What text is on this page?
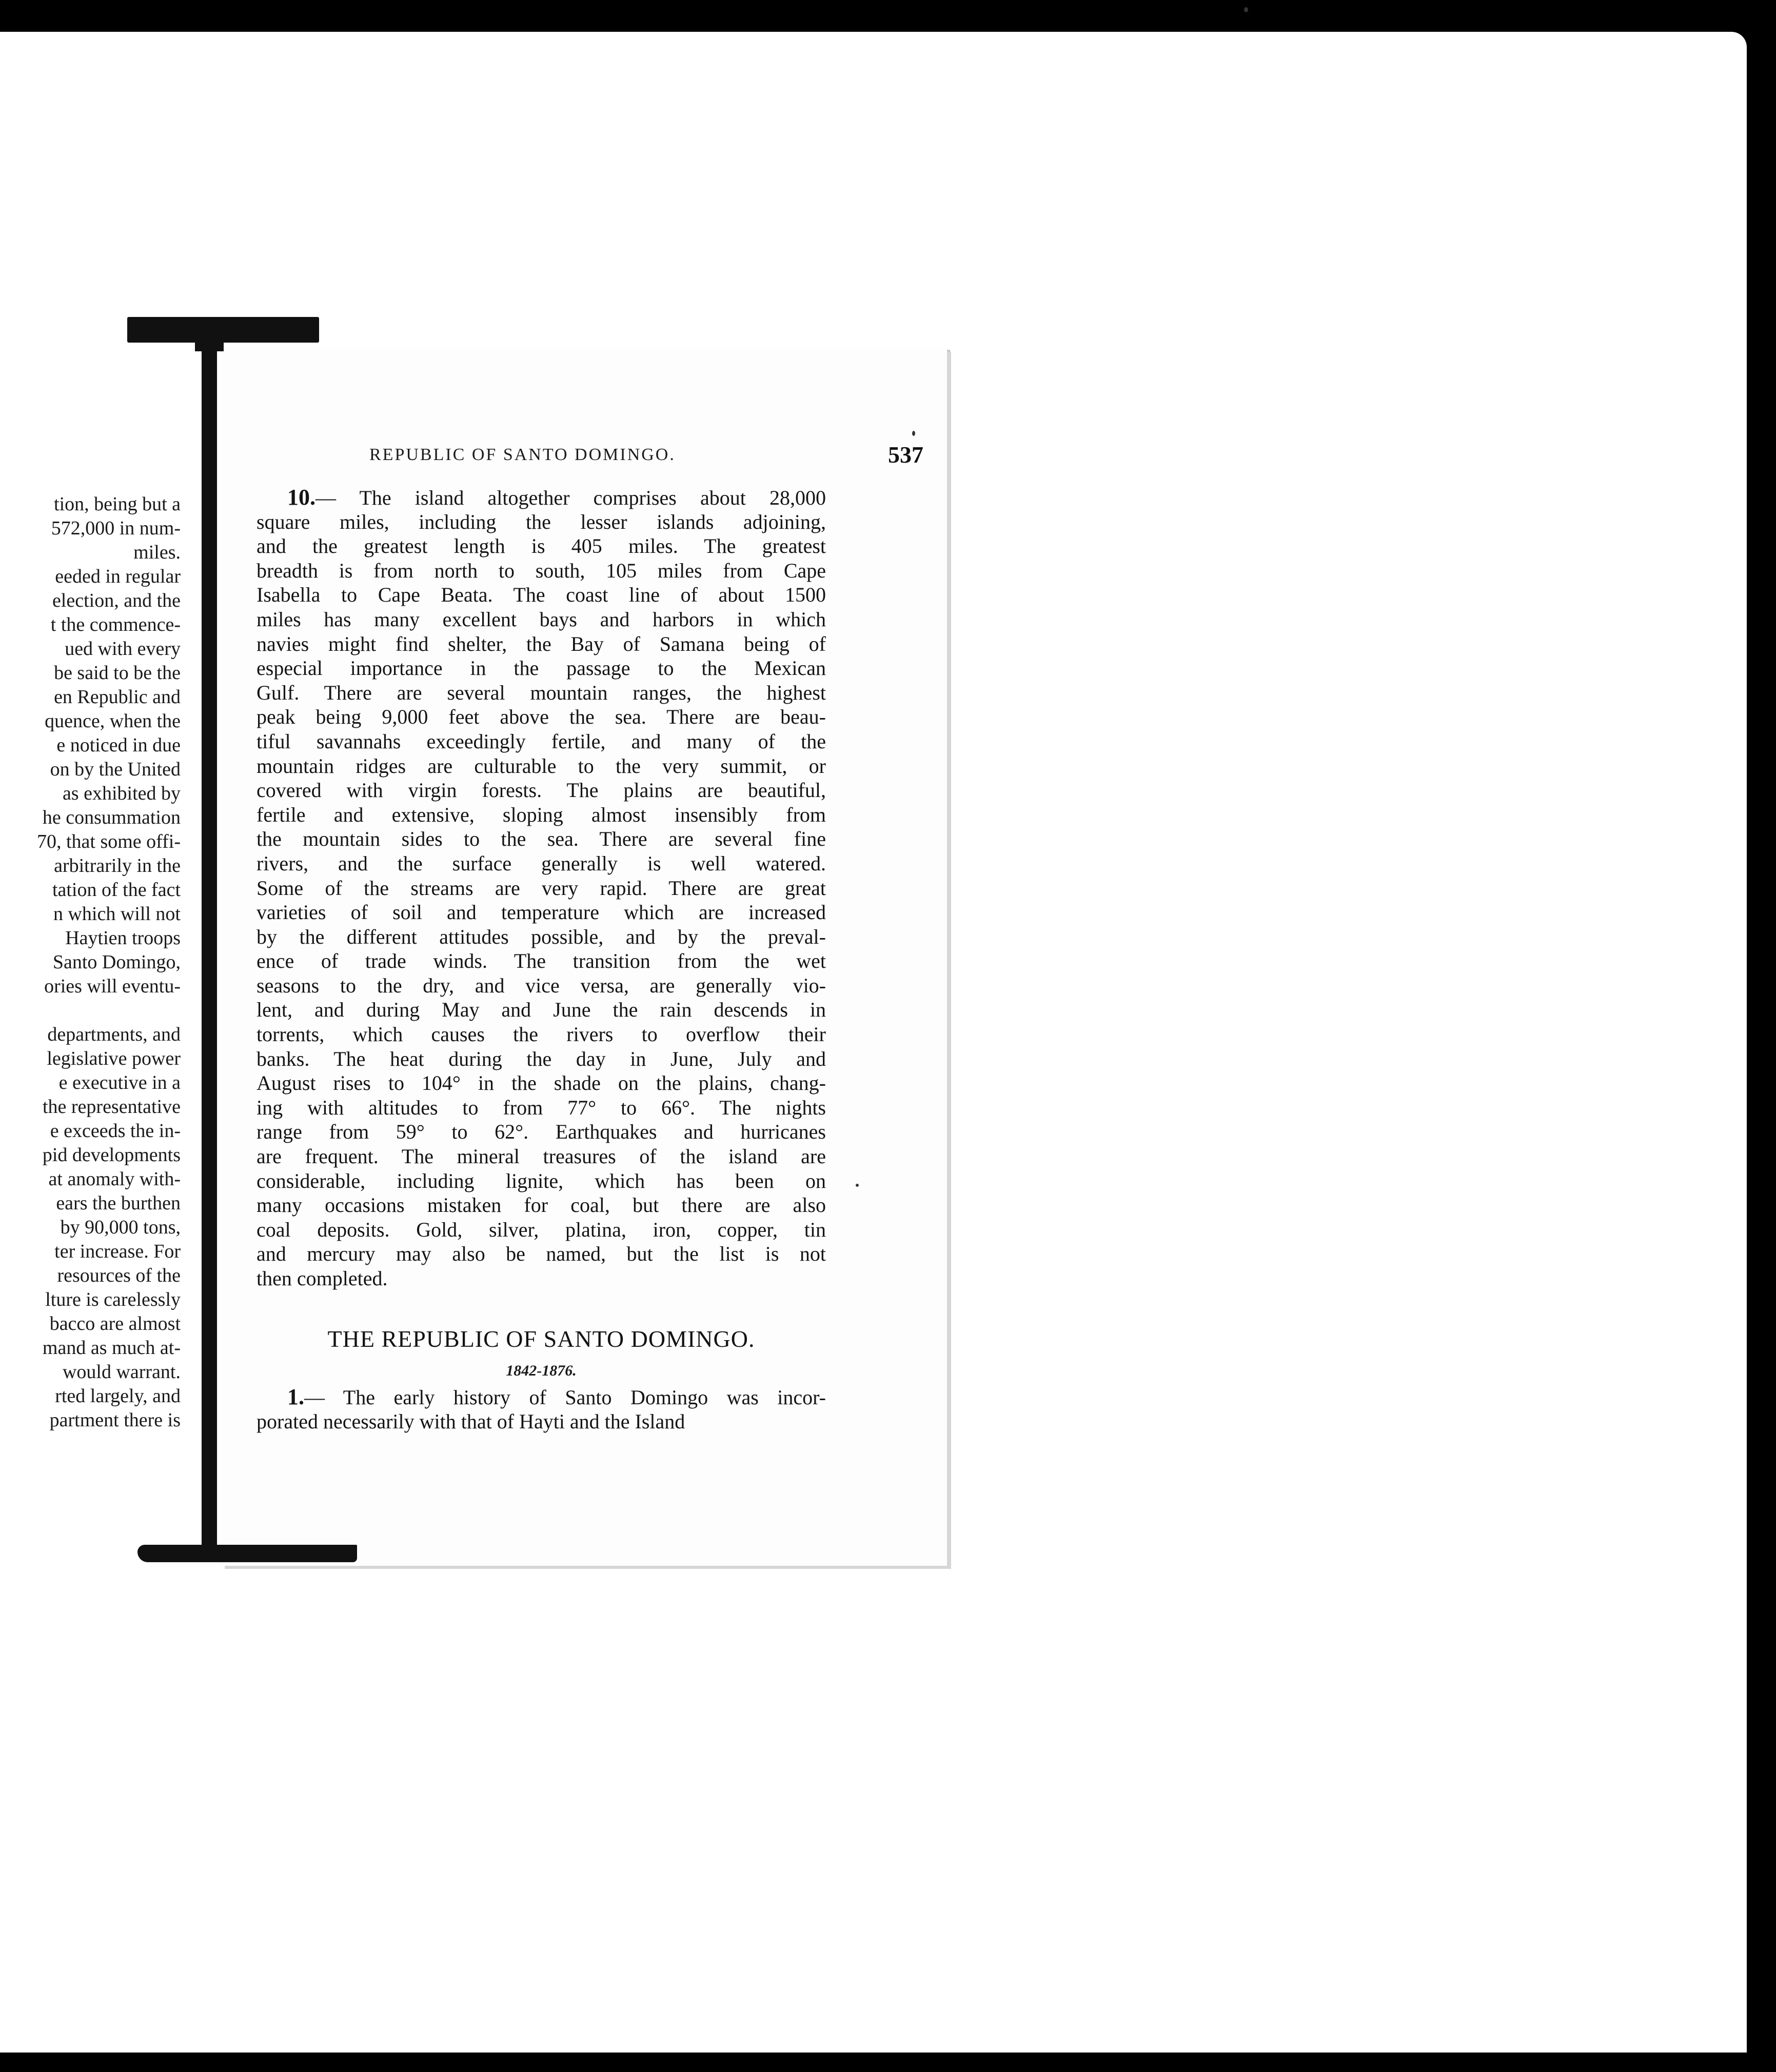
tion, being but a
572,000 in num-
miles.
eeded in regular
election, and the
t the commence-
ued with every
be said to be the
en Republic and
quence, when the
e noticed in due
on by the United
as exhibited by
he consummation
70, that some offi-
arbitrarily in the
tation of the fact
n which will not
Haytien troops
Santo Domingo,
ories will eventu-
departments, and
legislative power
e executive in a
the representative
e exceeds the in-
pid developments
at anomaly with-
ears the burthen
by 90,000 tons,
ter increase. For
resources of the
lture is carelessly
bacco are almost
mand as much at-
would warrant.
rted largely, and
partment there is
REPUBLIC OF SANTO DOMINGO.	537
10.— The island altogether comprises about 28,000
square miles, including the lesser islands adjoining,
and the greatest length is 405 miles. The greatest
breadth is from north to south, 105 miles from Cape
Isabella to Cape Beata. The coast line of about 1500
miles has many excellent bays and harbors in which
navies might find shelter, the Bay of Samana being of
especial importance in the passage to the Mexican
Gulf. There are several mountain ranges, the highest
peak being 9,000 feet above the sea. There are beau-
tiful savannahs exceedingly fertile, and many of the
mountain ridges are culturable to the very summit, or
covered with virgin forests. The plains are beautiful,
fertile and extensive, sloping almost insensibly from
the mountain sides to the sea. There are several fine
rivers, and the surface generally is well watered.
Some of the streams are very rapid. There are great
varieties of soil and temperature which are increased
by the different attitudes possible, and by the preval-
ence of trade winds. The transition from the wet
seasons to the dry, and vice versa, are generally vio-
lent, and during May and June the rain descends in
torrents, which causes the rivers to overflow their
banks. The heat during the day in June, July and
August rises to 104° in the shade on the plains, chang-
ing with altitudes to from 77° to 66°. The nights
range from 59° to 62°. Earthquakes and hurricanes
are frequent. The mineral treasures of the island are
considerable, including lignite, which has been on
many occasions mistaken for coal, but there are also
coal deposits. Gold, silver, platina, iron, copper, tin
and mercury may also be named, but the list is not
then completed.
THE REPUBLIC OF SANTO DOMINGO.
1842-1876.
1.— The early history of Santo Domingo was incor-
porated necessarily with that of Hayti and the Island
